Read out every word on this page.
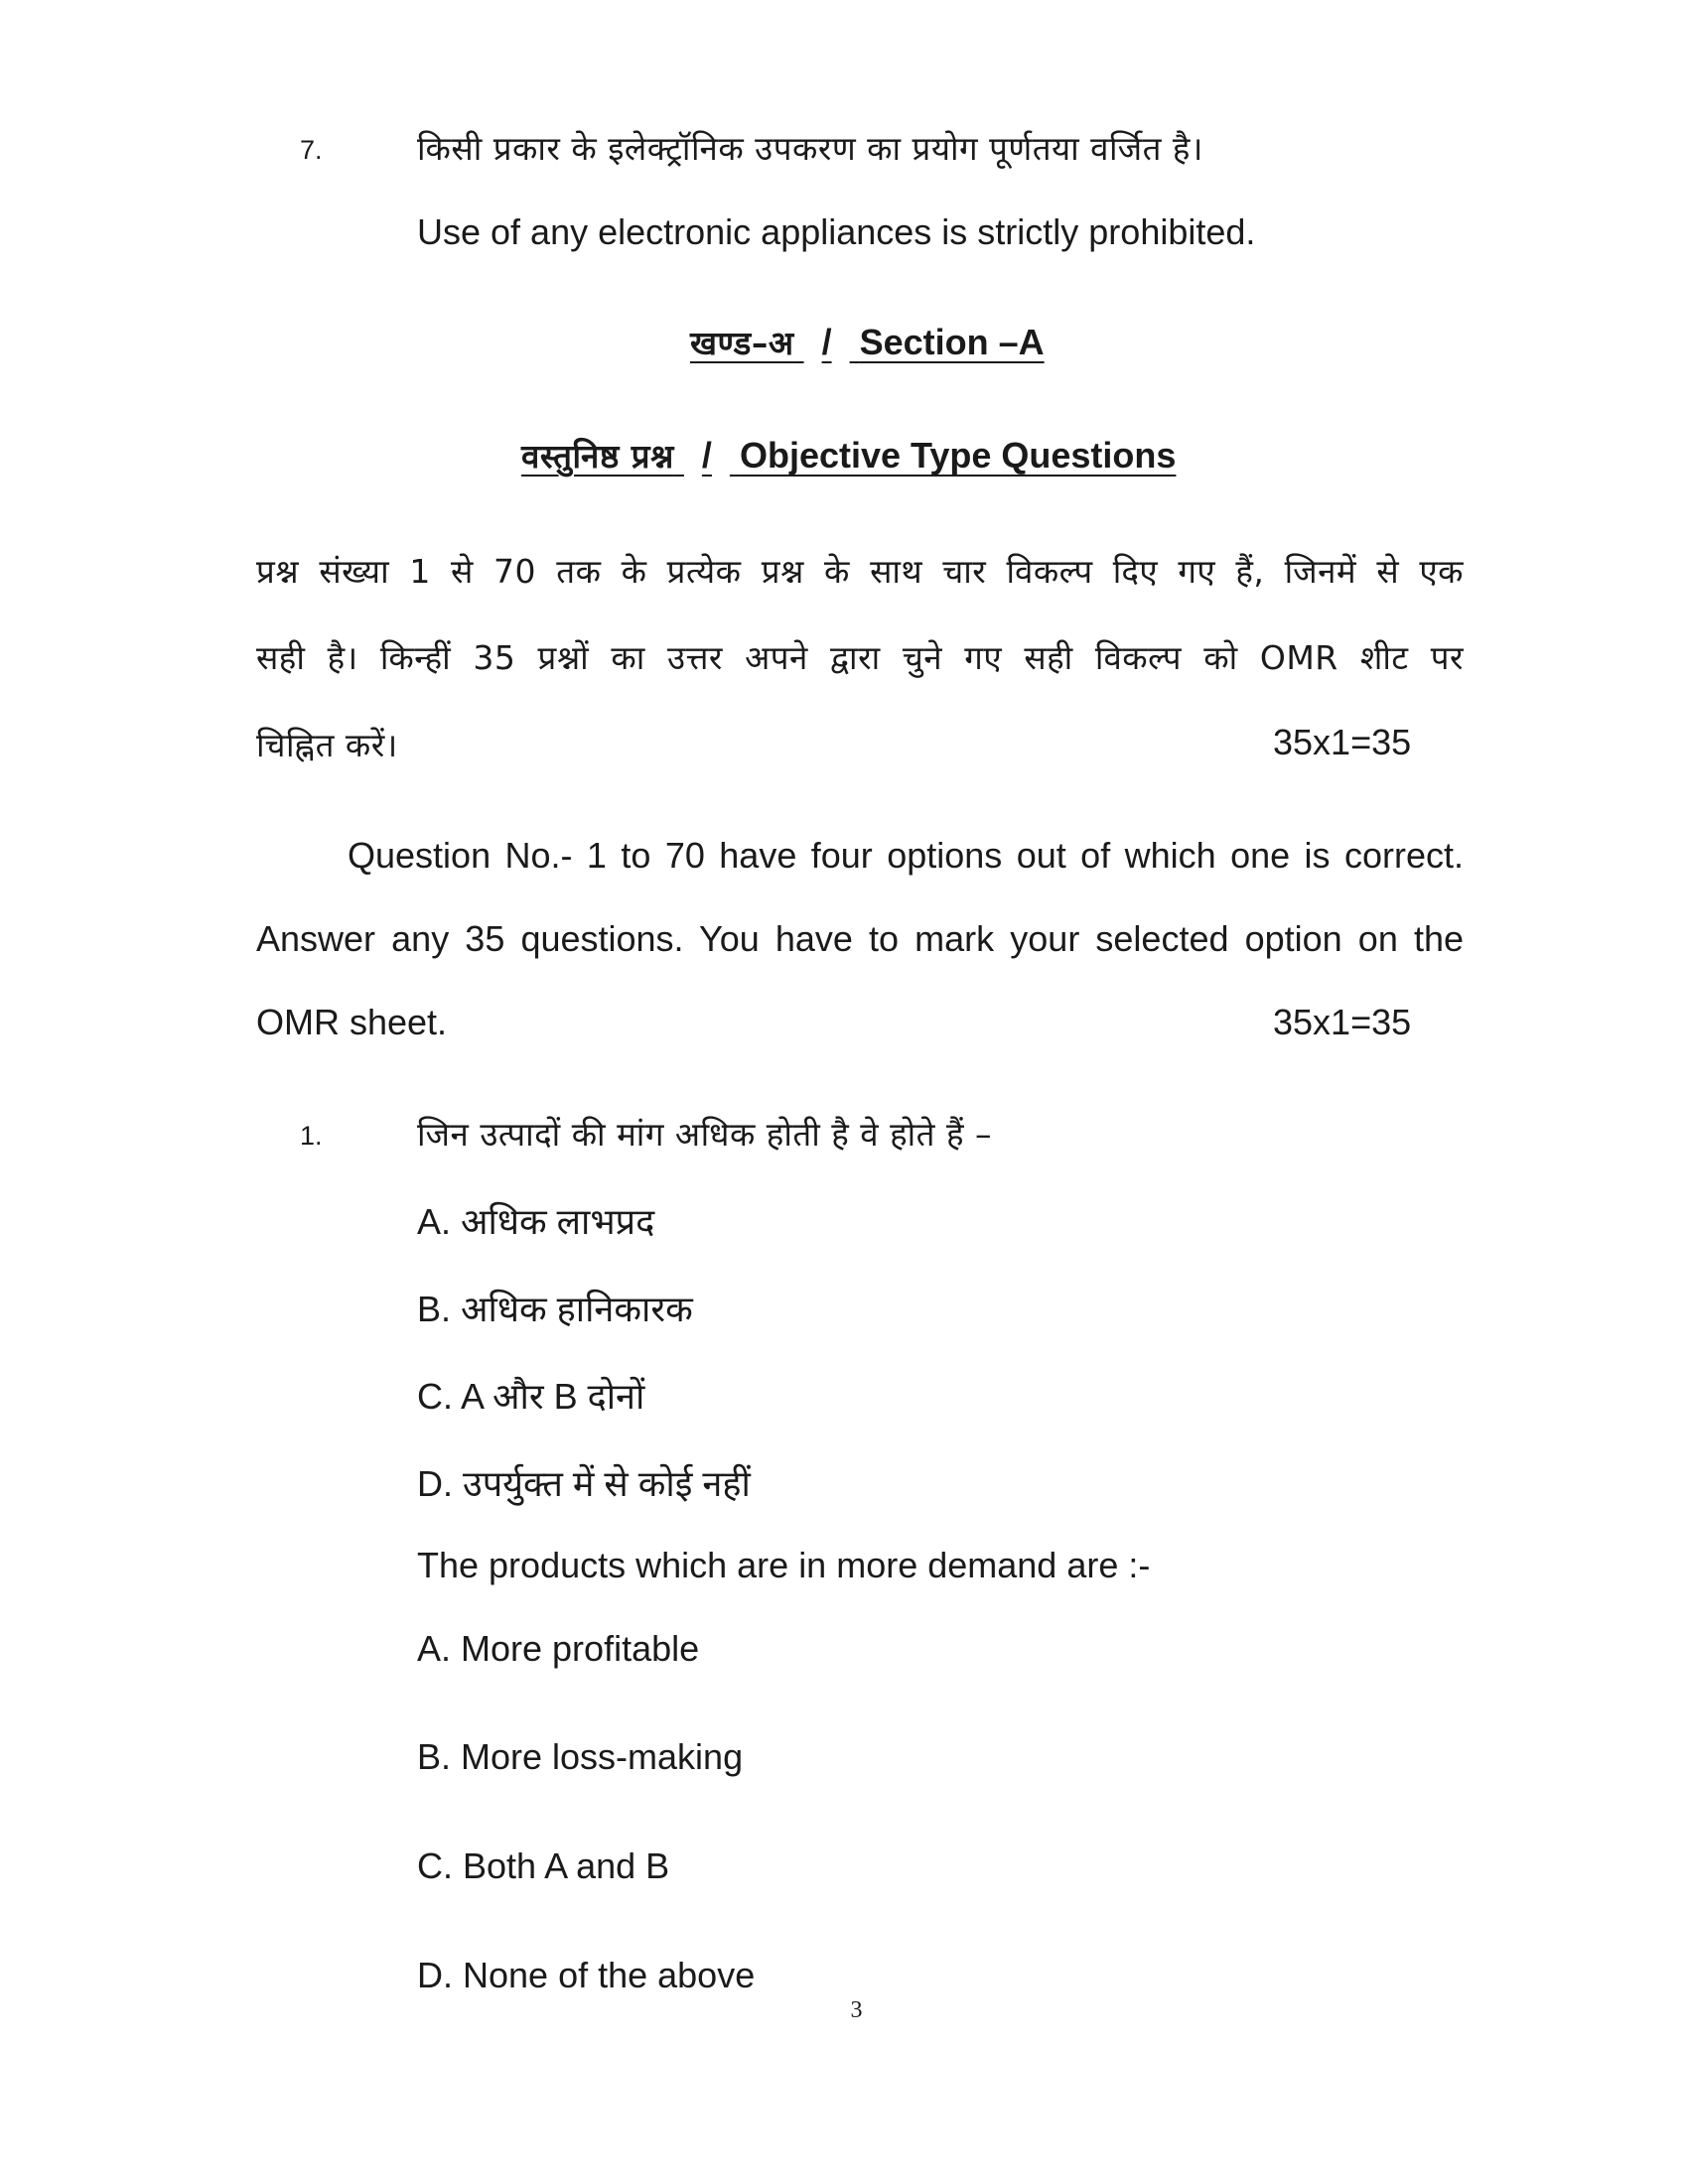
7.	किसी प्रकार के इलेक्ट्रॉनिक उपकरण का प्रयोग पूर्णतया वर्जित है।
Use of any electronic appliances is strictly prohibited.
खण्ड–अ / Section –A
वस्तुनिष्ठ प्रश्न / Objective Type Questions
प्रश्न संख्या 1 से 70 तक के प्रत्येक प्रश्न के साथ चार विकल्प दिए गए हैं, जिनमें से एक
सही है। किन्हीं 35 प्रश्नों का उत्तर अपने द्वारा चुने गए सही विकल्प को OMR शीट पर
चिह्नित करें।	35x1=35
Question No.- 1 to 70 have four options out of which one is correct.
Answer any 35 questions. You have to mark your selected option on the
OMR sheet.	35x1=35
1.	जिन उत्पादों की मांग अधिक होती है वे होते हैं –
A. अधिक लाभप्रद
B. अधिक हानिकारक
C. A और B दोनों
D. उपर्युक्त में से कोई नहीं
The products which are in more demand are :-
A. More profitable
B. More loss-making
C. Both A and B
D. None of the above
3
